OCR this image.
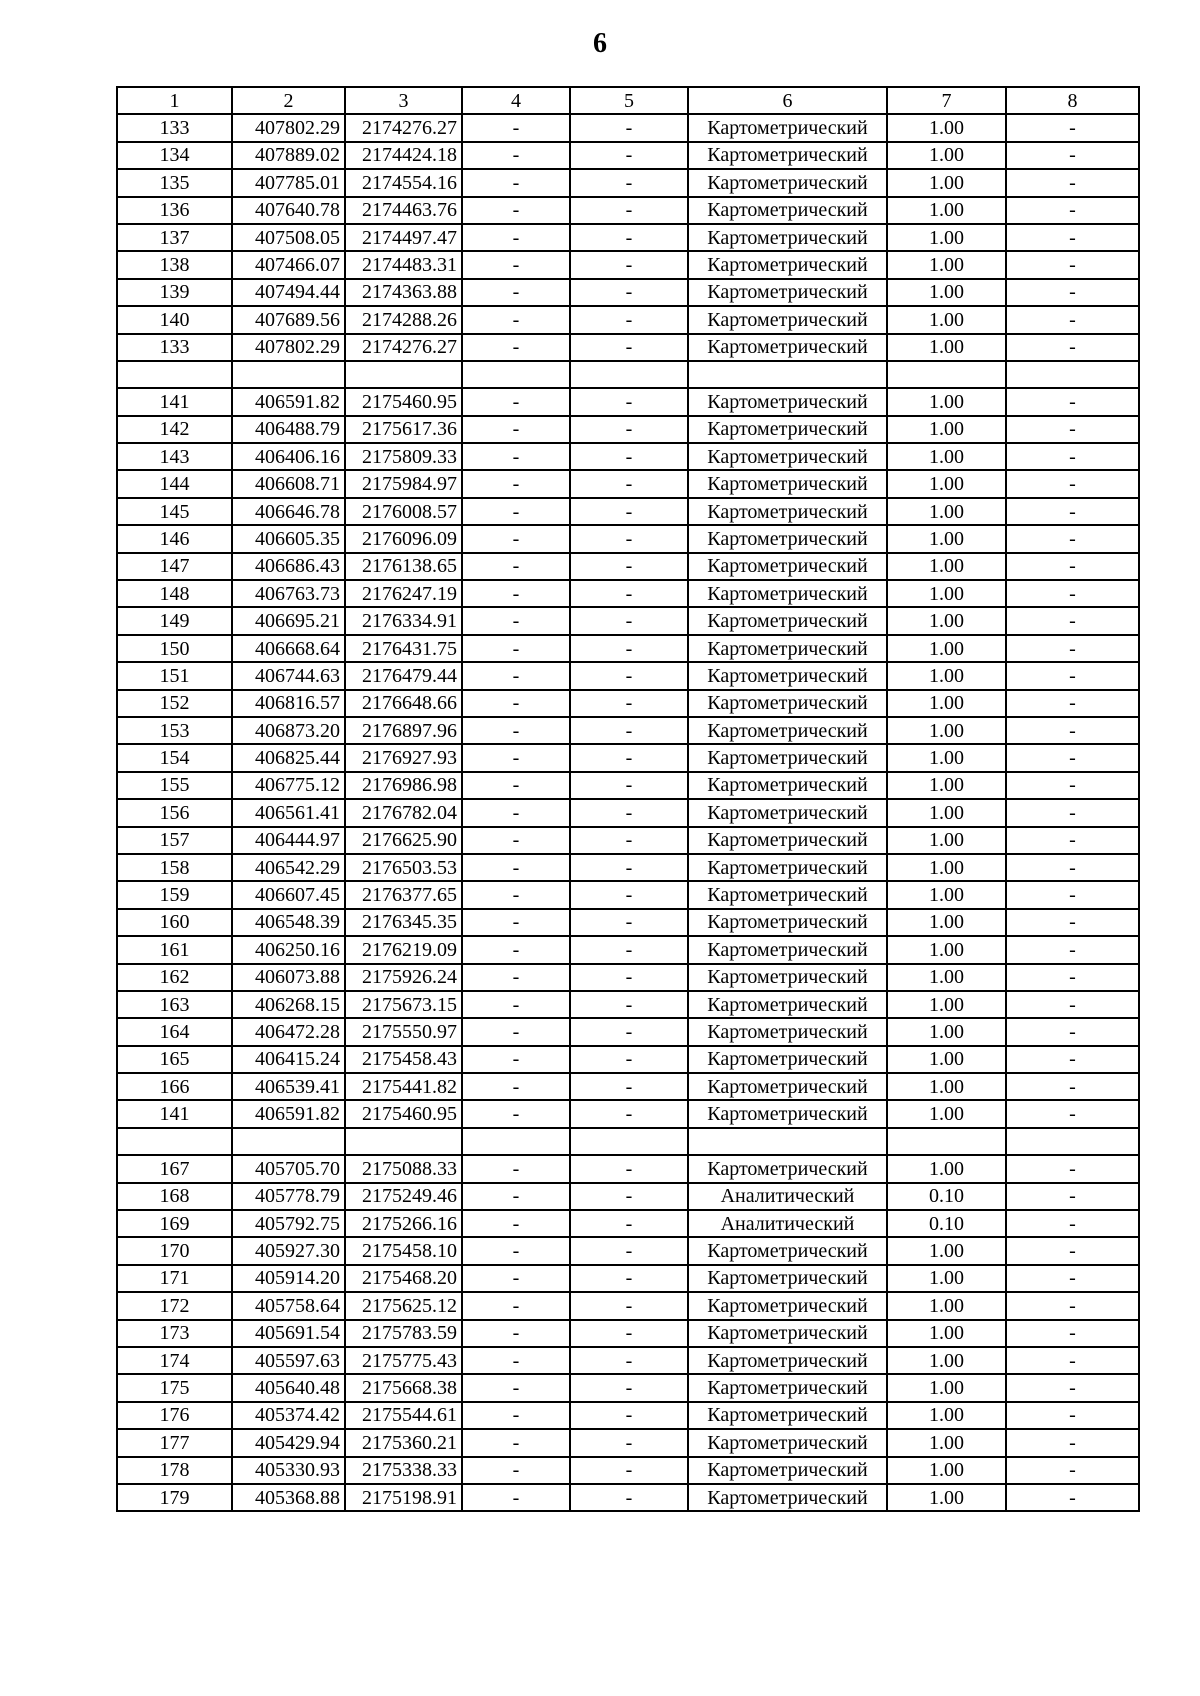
6
1	2	3	4	5	6	7	8
133	407802.29	2174276.27	-	-	Картометрический	1.00	-
134	407889.02	2174424.18	-	-	Картометрический	1.00	-
135	407785.01	2174554.16	-	-	Картометрический	1.00	-
136	407640.78	2174463.76	-	-	Картометрический	1.00	-
137	407508.05	2174497.47	-	-	Картометрический	1.00	-
138	407466.07	2174483.31	-	-	Картометрический	1.00	-
139	407494.44	2174363.88	-	-	Картометрический	1.00	-
140	407689.56	2174288.26	-	-	Картометрический	1.00	-
133	407802.29	2174276.27	-	-	Картометрический	1.00	-

141	406591.82	2175460.95	-	-	Картометрический	1.00	-
142	406488.79	2175617.36	-	-	Картометрический	1.00	-
143	406406.16	2175809.33	-	-	Картометрический	1.00	-
144	406608.71	2175984.97	-	-	Картометрический	1.00	-
145	406646.78	2176008.57	-	-	Картометрический	1.00	-
146	406605.35	2176096.09	-	-	Картометрический	1.00	-
147	406686.43	2176138.65	-	-	Картометрический	1.00	-
148	406763.73	2176247.19	-	-	Картометрический	1.00	-
149	406695.21	2176334.91	-	-	Картометрический	1.00	-
150	406668.64	2176431.75	-	-	Картометрический	1.00	-
151	406744.63	2176479.44	-	-	Картометрический	1.00	-
152	406816.57	2176648.66	-	-	Картометрический	1.00	-
153	406873.20	2176897.96	-	-	Картометрический	1.00	-
154	406825.44	2176927.93	-	-	Картометрический	1.00	-
155	406775.12	2176986.98	-	-	Картометрический	1.00	-
156	406561.41	2176782.04	-	-	Картометрический	1.00	-
157	406444.97	2176625.90	-	-	Картометрический	1.00	-
158	406542.29	2176503.53	-	-	Картометрический	1.00	-
159	406607.45	2176377.65	-	-	Картометрический	1.00	-
160	406548.39	2176345.35	-	-	Картометрический	1.00	-
161	406250.16	2176219.09	-	-	Картометрический	1.00	-
162	406073.88	2175926.24	-	-	Картометрический	1.00	-
163	406268.15	2175673.15	-	-	Картометрический	1.00	-
164	406472.28	2175550.97	-	-	Картометрический	1.00	-
165	406415.24	2175458.43	-	-	Картометрический	1.00	-
166	406539.41	2175441.82	-	-	Картометрический	1.00	-
141	406591.82	2175460.95	-	-	Картометрический	1.00	-

167	405705.70	2175088.33	-	-	Картометрический	1.00	-
168	405778.79	2175249.46	-	-	Аналитический	0.10	-
169	405792.75	2175266.16	-	-	Аналитический	0.10	-
170	405927.30	2175458.10	-	-	Картометрический	1.00	-
171	405914.20	2175468.20	-	-	Картометрический	1.00	-
172	405758.64	2175625.12	-	-	Картометрический	1.00	-
173	405691.54	2175783.59	-	-	Картометрический	1.00	-
174	405597.63	2175775.43	-	-	Картометрический	1.00	-
175	405640.48	2175668.38	-	-	Картометрический	1.00	-
176	405374.42	2175544.61	-	-	Картометрический	1.00	-
177	405429.94	2175360.21	-	-	Картометрический	1.00	-
178	405330.93	2175338.33	-	-	Картометрический	1.00	-
179	405368.88	2175198.91	-	-	Картометрический	1.00	-
